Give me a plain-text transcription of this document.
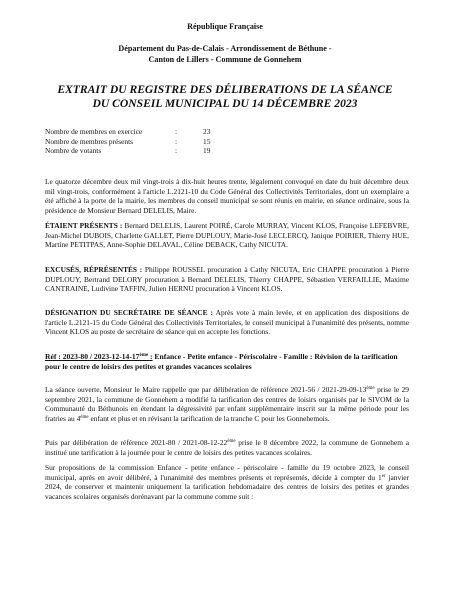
République Française
Département du Pas-de-Calais - Arrondissement de Béthune -
Canton de Lillers - Commune de Gonnehem
EXTRAIT DU REGISTRE DES DÉLIBERATIONS DE LA SÉANCE
DU CONSEIL MUNICIPAL DU 14 DÉCEMBRE 2023
Nombre de membres en exercice	:	23
Nombre de membres présents	:	15
Nombre de votants	:	19
Le quatorze décembre deux mil vingt-trois à dix-huit heures trente, légalement convoqué en date du huit décembre deux mil vingt-trois, conformément à l'article L.2121-10 du Code Général des Collectivités Territoriales, dont un exemplaire a été affiché à la porte de la mairie, les membres du conseil municipal se sont réunis en mairie, en séance ordinaire, sous la présidence de Monsieur Bernard DELELIS, Maire.
ÉTAIENT PRÉSENTS : Bernard DELELIS, Laurent POIRÉ, Carole MURRAY, Vincent KLOS, Françoise LEFEBVRE, Jean-Michel DUBOIS, Charlette GALLET, Pierre DUPLOUY, Marie-José LECLERCQ, Janique POIRIER, Thierry HUE, Martine PETITPAS, Anne-Sophie DELAVAL, Céline DEBACK, Cathy NICUTA.
EXCUSÉS, RÉPRÉSENTÉS : Philippe ROUSSEL procuration à Cathy NICUTA, Eric CHAPPE procuration à Pierre DUPLOUY, Bertrand DELORY procuration à Bernard DELELIS, Thierry CHAPPE, Sébastien VERFAILLIE, Maxime CANTRAINE, Ludivine TAFFIN, Julien HERNU procuration à Vincent KLOS.
DÉSIGNATION DU SECRÉTAIRE DE SÉANCE : Après vote à main levée, et en application des dispositions de l'article L.2121-15 du Code Général des Collectivités Territoriales, le conseil municipal à l'unanimité des présents, nomme Vincent KLOS au poste de secrétaire de séance qui en accepte les fonctions.
Réf : 2023-80 / 2023-12-14-17ème : Enfance - Petite enfance - Périscolaire - Famille : Révision de la tarification pour le centre de loisirs des petites et grandes vacances scolaires
La séance ouverte, Monsieur le Maire rappelle que par délibération de référence 2021-56 / 2021-29-09-13ème prise le 29 septembre 2021, la commune de Gonnehem a modifié la tarification des centres de loisirs organisés par le SIVOM de la Communauté du Béthunois en étendant la dégressivité par enfant supplémentaire inscrit sur la même période pour les fratries au 4ème enfant et plus et en révisant la tarification de la tranche C pour les Gonnehemois.
Puis par délibération de référence 2021-80 / 2021-08-12-22ème prise le 8 décembre 2022, la commune de Gonnehem a institué une tarification à la journée pour le centre de loisirs des petites vacances scolaires.
Sur propositions de la commission Enfance - petite enfance - périscolaire - famille du 19 octobre 2023, le conseil municipal, après en avoir délibéré, à l'unanimité des membres présents et représentés, décide à compter du 1er janvier 2024, de conserver et maintenir uniquement la tarification hebdomadaire des centres de loisirs des petites et grandes vacances scolaires organisés dorénavant par la commune comme suit :
